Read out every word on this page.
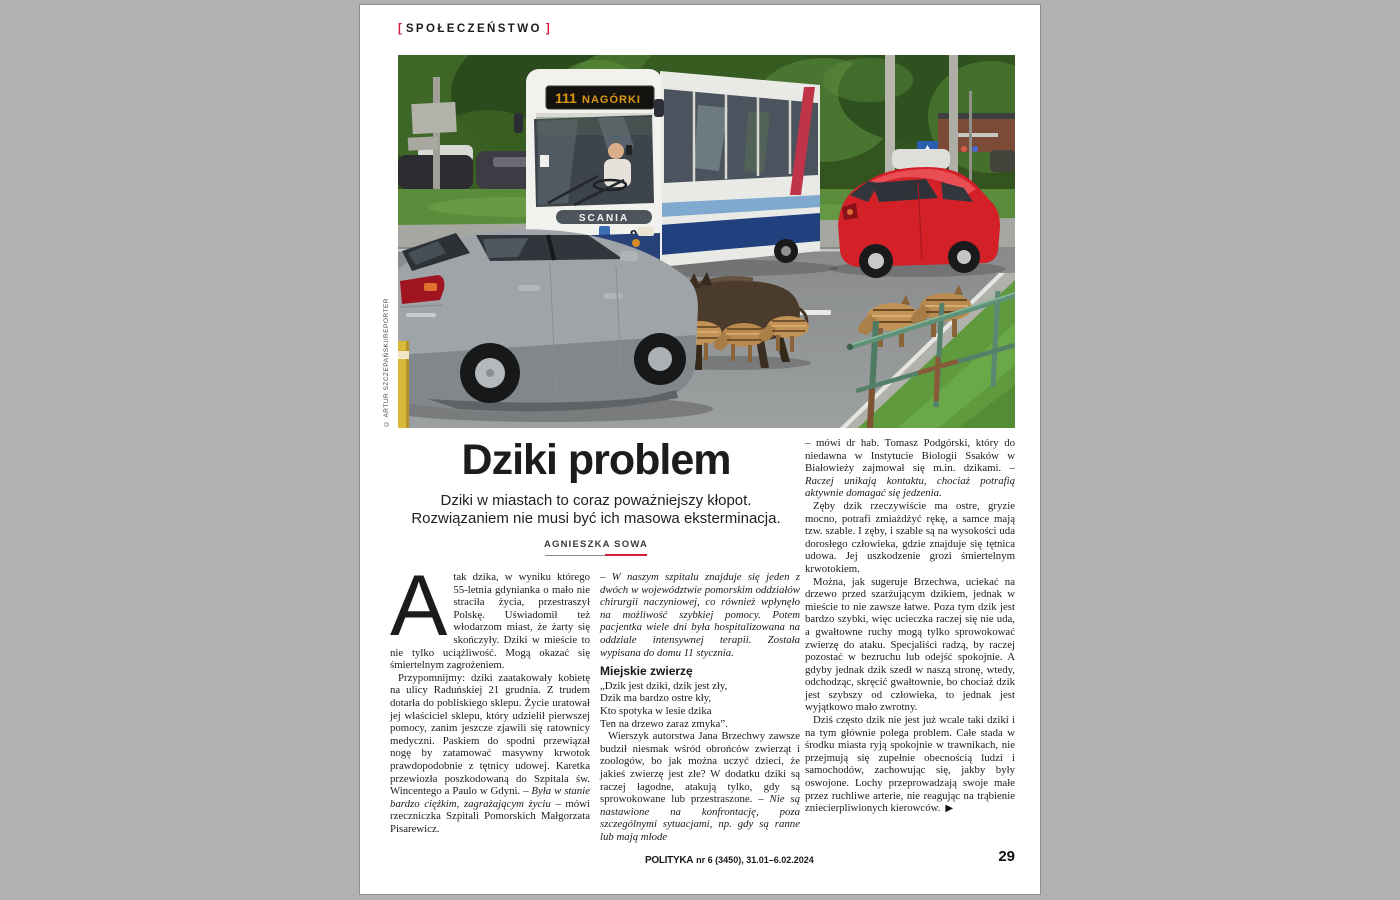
[ SPOŁECZEŃSTWO ]
© ARTUR SZCZEPAŃSKI/REPORTER
111 NAGÓRKI
SCANIA
Dziki problem

Dziki w miastach to coraz poważniejszy kłopot.
Rozwiązaniem nie musi być ich masowa eksterminacja.

AGNIESZKA SOWA

Atak dzika, w wyniku którego 55-letnia gdynianka o mało nie straciła życia, przestraszył Polskę. Uświadomił też włodarzom miast, że żarty się skończyły. Dziki w mieście to nie tylko uciążliwość. Mogą okazać się śmiertelnym zagrożeniem.

Przypomnijmy: dziki zaatakowały kobietę na ulicy Raduńskiej 21 grudnia. Z trudem dotarła do pobliskiego sklepu. Życie uratował jej właściciel sklepu, który udzielił pierwszej pomocy, zanim jeszcze zjawili się ratownicy medyczni. Paskiem do spodni przewiązał nogę by zatamować masywny krwotok prawdopodobnie z tętnicy udowej. Karetka przewiozła poszkodowaną do Szpitala św. Wincentego a Paulo w Gdyni. – Była w stanie bardzo ciężkim, zagrażającym życiu – mówi rzeczniczka Szpitali Pomorskich Małgorzata Pisarewicz.

– W naszym szpitalu znajduje się jeden z dwóch w województwie pomorskim oddziałów chirurgii naczyniowej, co również wpłynęło na możliwość szybkiej pomocy. Potem pacjentka wiele dni była hospitalizowana na oddziale intensywnej terapii. Została wypisana do domu 11 stycznia.

Miejskie zwierzę
„Dzik jest dziki, dzik jest zły,
Dzik ma bardzo ostre kły,
Kto spotyka w lesie dzika
Ten na drzewo zaraz zmyka”.

Wierszyk autorstwa Jana Brzechwy zawsze budził niesmak wśród obrońców zwierząt i zoologów, bo jak można uczyć dzieci, że jakieś zwierzę jest złe? W dodatku dziki są raczej łagodne, atakują tylko, gdy są sprowokowane lub przestraszone. – Nie są nastawione na konfrontację, poza szczególnymi sytuacjami, np. gdy są ranne lub mają młode

– mówi dr hab. Tomasz Podgórski, który do niedawna w Instytucie Biologii Ssaków w Białowieży zajmował się m.in. dzikami. – Raczej unikają kontaktu, chociaż potrafią aktywnie domagać się jedzenia.

Zęby dzik rzeczywiście ma ostre, gryzie mocno, potrafi zmiażdżyć rękę, a samce mają tzw. szable. I zęby, i szable są na wysokości uda dorosłego człowieka, gdzie znajduje się tętnica udowa. Jej uszkodzenie grozi śmiertelnym krwotokiem.

Można, jak sugeruje Brzechwa, uciekać na drzewo przed szarżującym dzikiem, jednak w mieście to nie zawsze łatwe. Poza tym dzik jest bardzo szybki, więc ucieczka raczej się nie uda, a gwałtowne ruchy mogą tylko sprowokować zwierzę do ataku. Specjaliści radzą, by raczej pozostać w bezruchu lub odejść spokojnie. A gdyby jednak dzik szedł w naszą stronę, wtedy, odchodząc, skręcić gwałtownie, bo chociaż dzik jest szybszy od człowieka, to jednak jest wyjątkowo mało zwrotny.

Dziś często dzik nie jest już wcale taki dziki i na tym głównie polega problem. Całe stada w środku miasta ryją spokojnie w trawnikach, nie przejmują się zupełnie obecnością ludzi i samochodów, zachowując się, jakby były oswojone. Lochy przeprowadzają swoje małe przez ruchliwe arterie, nie reagując na trąbienie zniecierpliwionych kierowców. ▶

POLITYKA nr 6 (3450), 31.01–6.02.2024	29
